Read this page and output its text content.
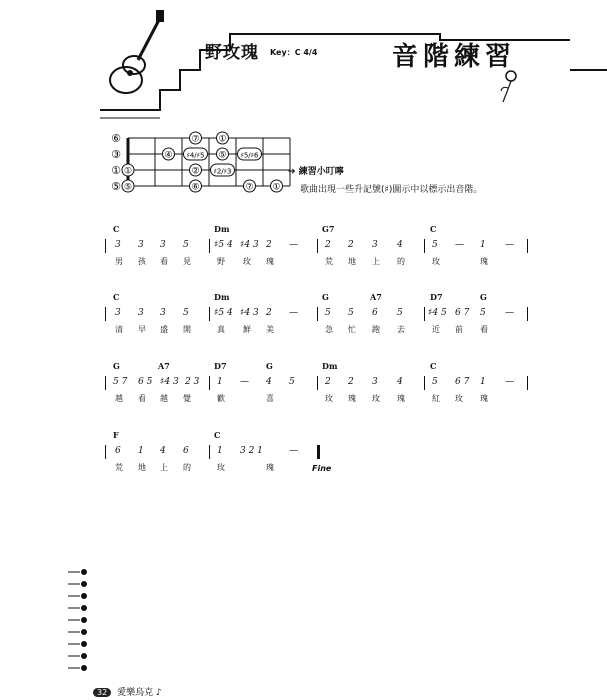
野玫瑰 Key：C 4/4	音階練習
⑥
③
①
⑤
⑦ ①
④ ♯4/♯5 ⑤ ♯5/♯6
①	② ♯2/♯3
⑤	⑥	⑦ ①
➔ 練習小叮嚀
歌曲出現一些升記號(♯)圖示中以標示出音階。
C	Dm	G7	C
3 3 3 5	♯5 4 ♯4 3 2 —	2 2 3 4	5 — 1 —
男 孩 看 見	野 玫 瑰	荒 地 上 的	玫	瑰
C	Dm	G	A7	D7	G
3 3 3 5	♯5 4 ♯4 3 2 —	5 5 6 5	♯4 5 6 7 5 —
清 早 盛 開	真 鮮 美	急 忙 跑 去	近 前 看
G	A7	D7	G	Dm	C
5 7 6 5 ♯4 3 2 3 1 — 4 5	2 2 3 4	5 6 7 1 —
越 看 越 覺	歡	喜	玫 瑰 玫 瑰	紅 玫 瑰
F	C
6 1 4 6	1 3 2 1	—
荒 地 上 的	玫	瑰	Fine
32 愛樂烏克 ♪
